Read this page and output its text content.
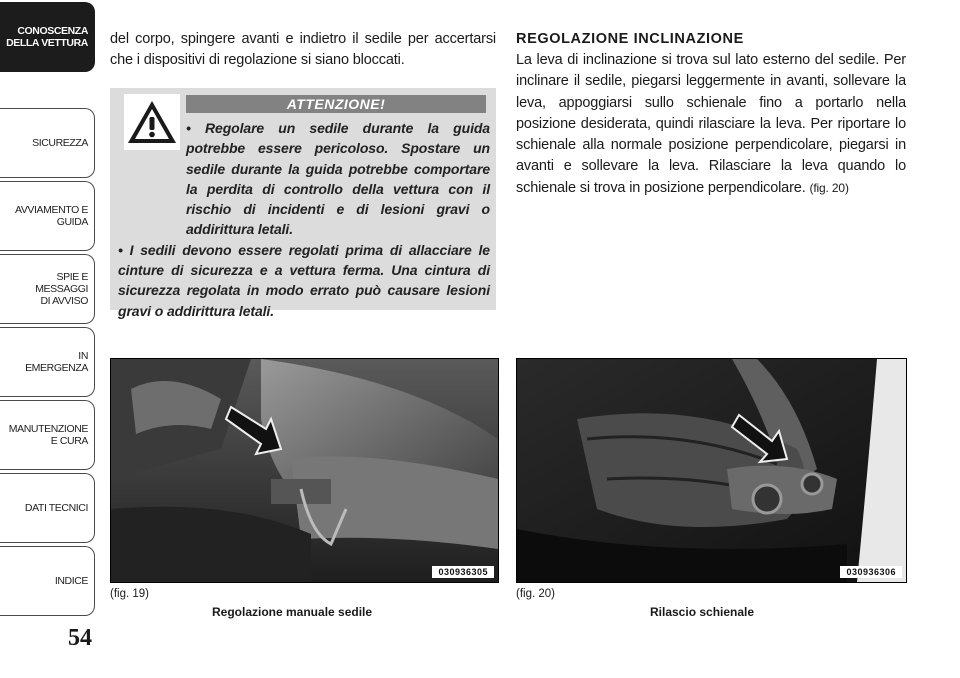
CONOSCENZA
DELLA VETTURA
SICUREZZA
AVVIAMENTO E
GUIDA
SPIE E
MESSAGGI
DI AVVISO
IN
EMERGENZA
MANUTENZIONE
E CURA
DATI TECNICI
INDICE
54

del corpo, spingere avanti e indietro il sedile per accertarsi che i dispositivi di regolazione si siano bloccati.

ATTENZIONE!

• Regolare un sedile durante la guida potrebbe essere pericoloso. Spostare un sedile durante la guida potrebbe comportare la perdita di controllo della vettura con il rischio di incidenti e di lesioni gravi o addirittura letali.

• I sedili devono essere regolati prima di allacciare le cinture di sicurezza e a vettura ferma. Una cintura di sicurezza regolata in modo errato può causare lesioni gravi o addirittura letali.

REGOLAZIONE INCLINAZIONE

La leva di inclinazione si trova sul lato esterno del sedile. Per inclinare il sedile, piegarsi leggermente in avanti, sollevare la leva, appoggiarsi sullo schienale fino a portarlo nella posizione desiderata, quindi rilasciare la leva. Per riportare lo schienale alla normale posizione perpendicolare, piegarsi in avanti e sollevare la leva. Rilasciare la leva quando lo schienale si trova in posizione perpendicolare. (fig. 20)

030936305	030936306
(fig. 19)
Regolazione manuale sedile
(fig. 20)
Rilascio schienale
